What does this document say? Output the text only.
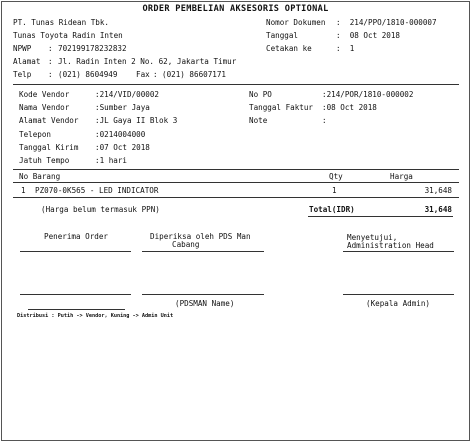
ORDER PEMBELIAN AKSESORIS OPTIONAL
PT. Tunas Ridean Tbk.
Tunas Toyota Radin Inten
NPWP : 702199178232832
Alamat : Jl. Radin Inten 2 No. 62, Jakarta Timur
Telp : (021) 8604949 Fax : (021) 86607171
Nomor Dokumen :  214/PPO/1810-000007
Tanggal	:  08 Oct 2018
Cetakan ke	:  1
Kode Vendor	:214/VID/00002
Nama Vendor	:Sumber Jaya
Alamat Vendor :JL Gaya II Blok 3
Telepon	:0214004000
Tanggal Kirim :07 Oct 2018
Jatuh Tempo	:1 hari
No PO	:214/POR/1810-000002
Tanggal Faktur :08 Oct 2018
Note	:
No Barang	Qty	Harga
1 PZ070-0K565 - LED INDICATOR	1	31,648
(Harga belum termasuk PPN)	Total(IDR)	31,648
Penerima Order	Diperiksa oleh PDS Man
Cabang
Menyetujui,
Administration Head
(PDSMAN Name)	(Kepala Admin)
Distribusi : Putih -> Vendor, Kuning -> Admin Unit
